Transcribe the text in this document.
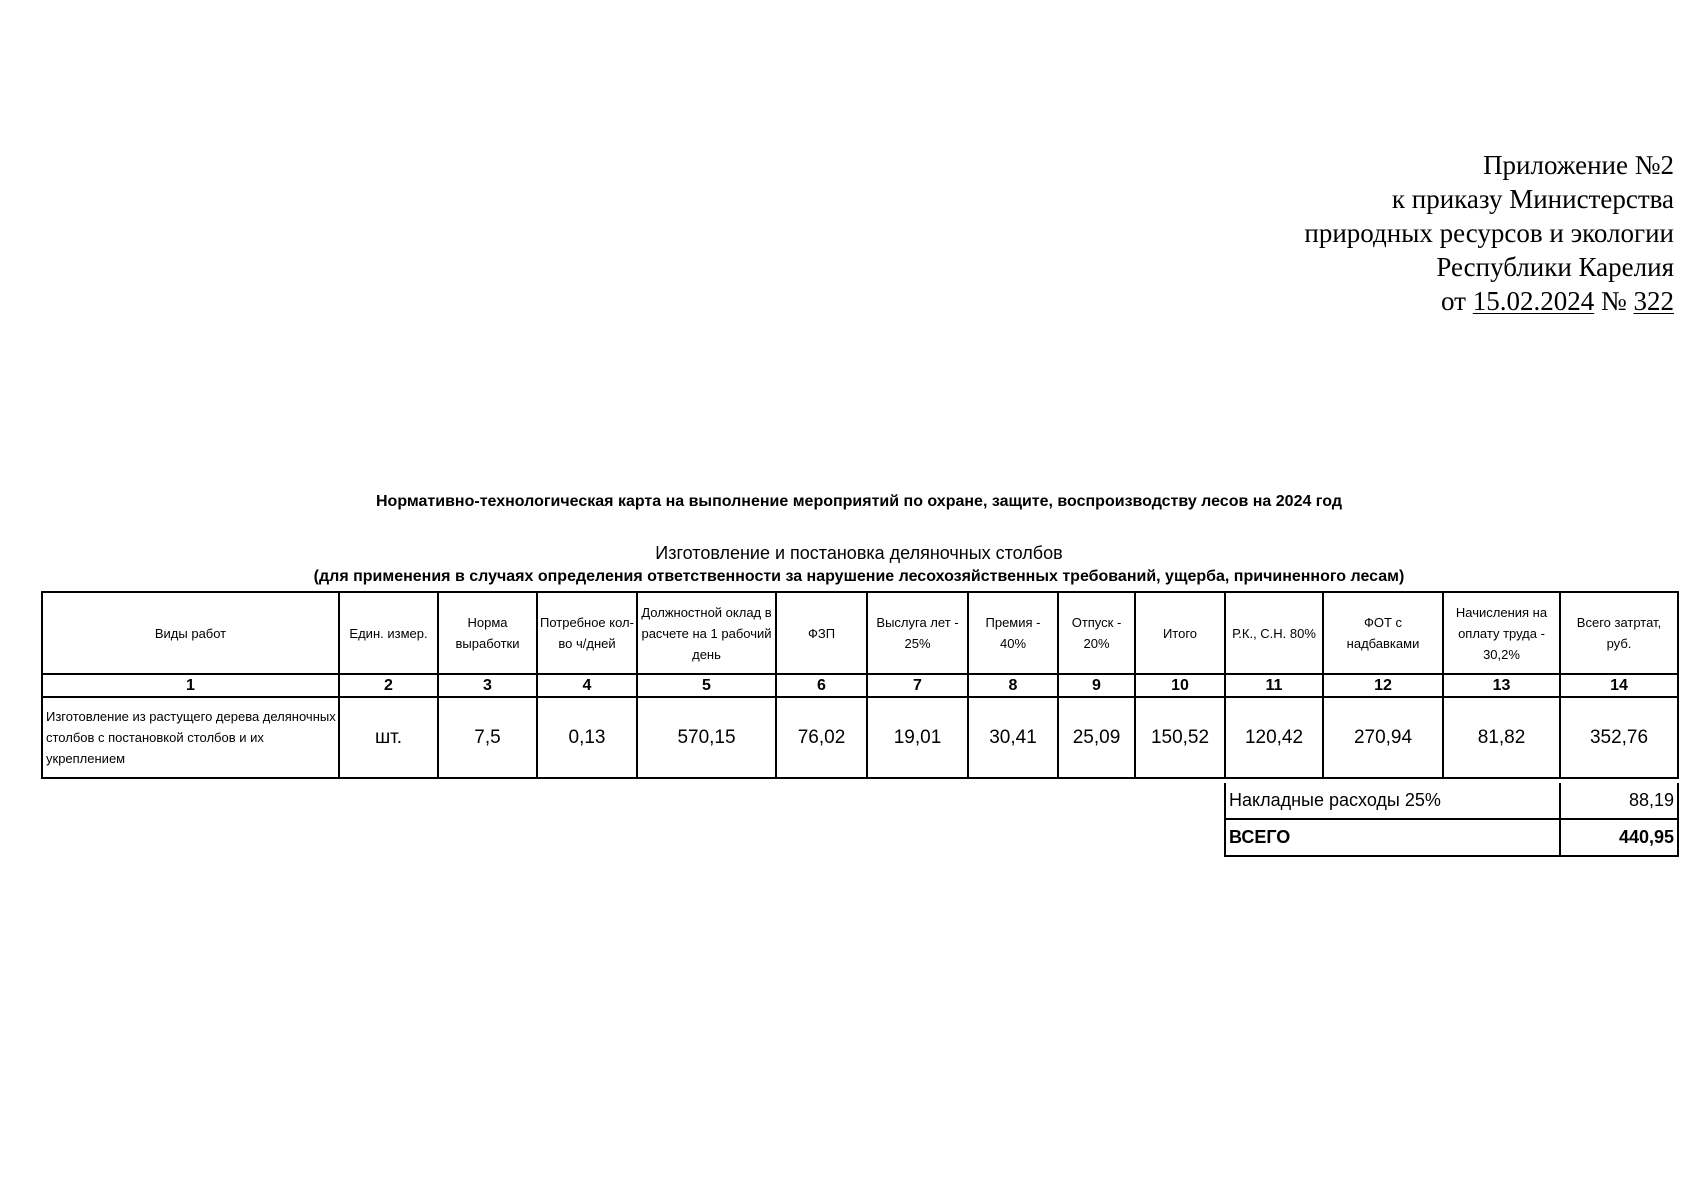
Приложение №2
к приказу Министерства
природных ресурсов и экологии
Республики Карелия
от 15.02.2024 № 322
Нормативно-технологическая карта на выполнение мероприятий по охране, защите, воспроизводству лесов на 2024 год
Изготовление и постановка деляночных столбов
(для применения в случаях определения ответственности за нарушение лесохозяйственных требований, ущерба, причиненного лесам)
Виды работ	Един. измер.	Норма выработки	Потребное кол-во ч/дней	Должностной оклад в расчете на 1 рабочий день	ФЗП	Выслуга лет - 25%	Премия - 40%	Отпуск - 20%	Итого	Р.К., С.Н. 80%	ФОТ с надбавками	Начисления на оплату труда - 30,2%	Всего затртат, руб.
1	2	3	4	5	6	7	8	9	10	11	12	13	14
Изготовление из растущего дерева деляночных столбов с постановкой столбов и их укреплением	шт.	7,5	0,13	570,15	76,02	19,01	30,41	25,09	150,52	120,42	270,94	81,82	352,76
Накладные расходы 25%	88,19
ВСЕГО	440,95
